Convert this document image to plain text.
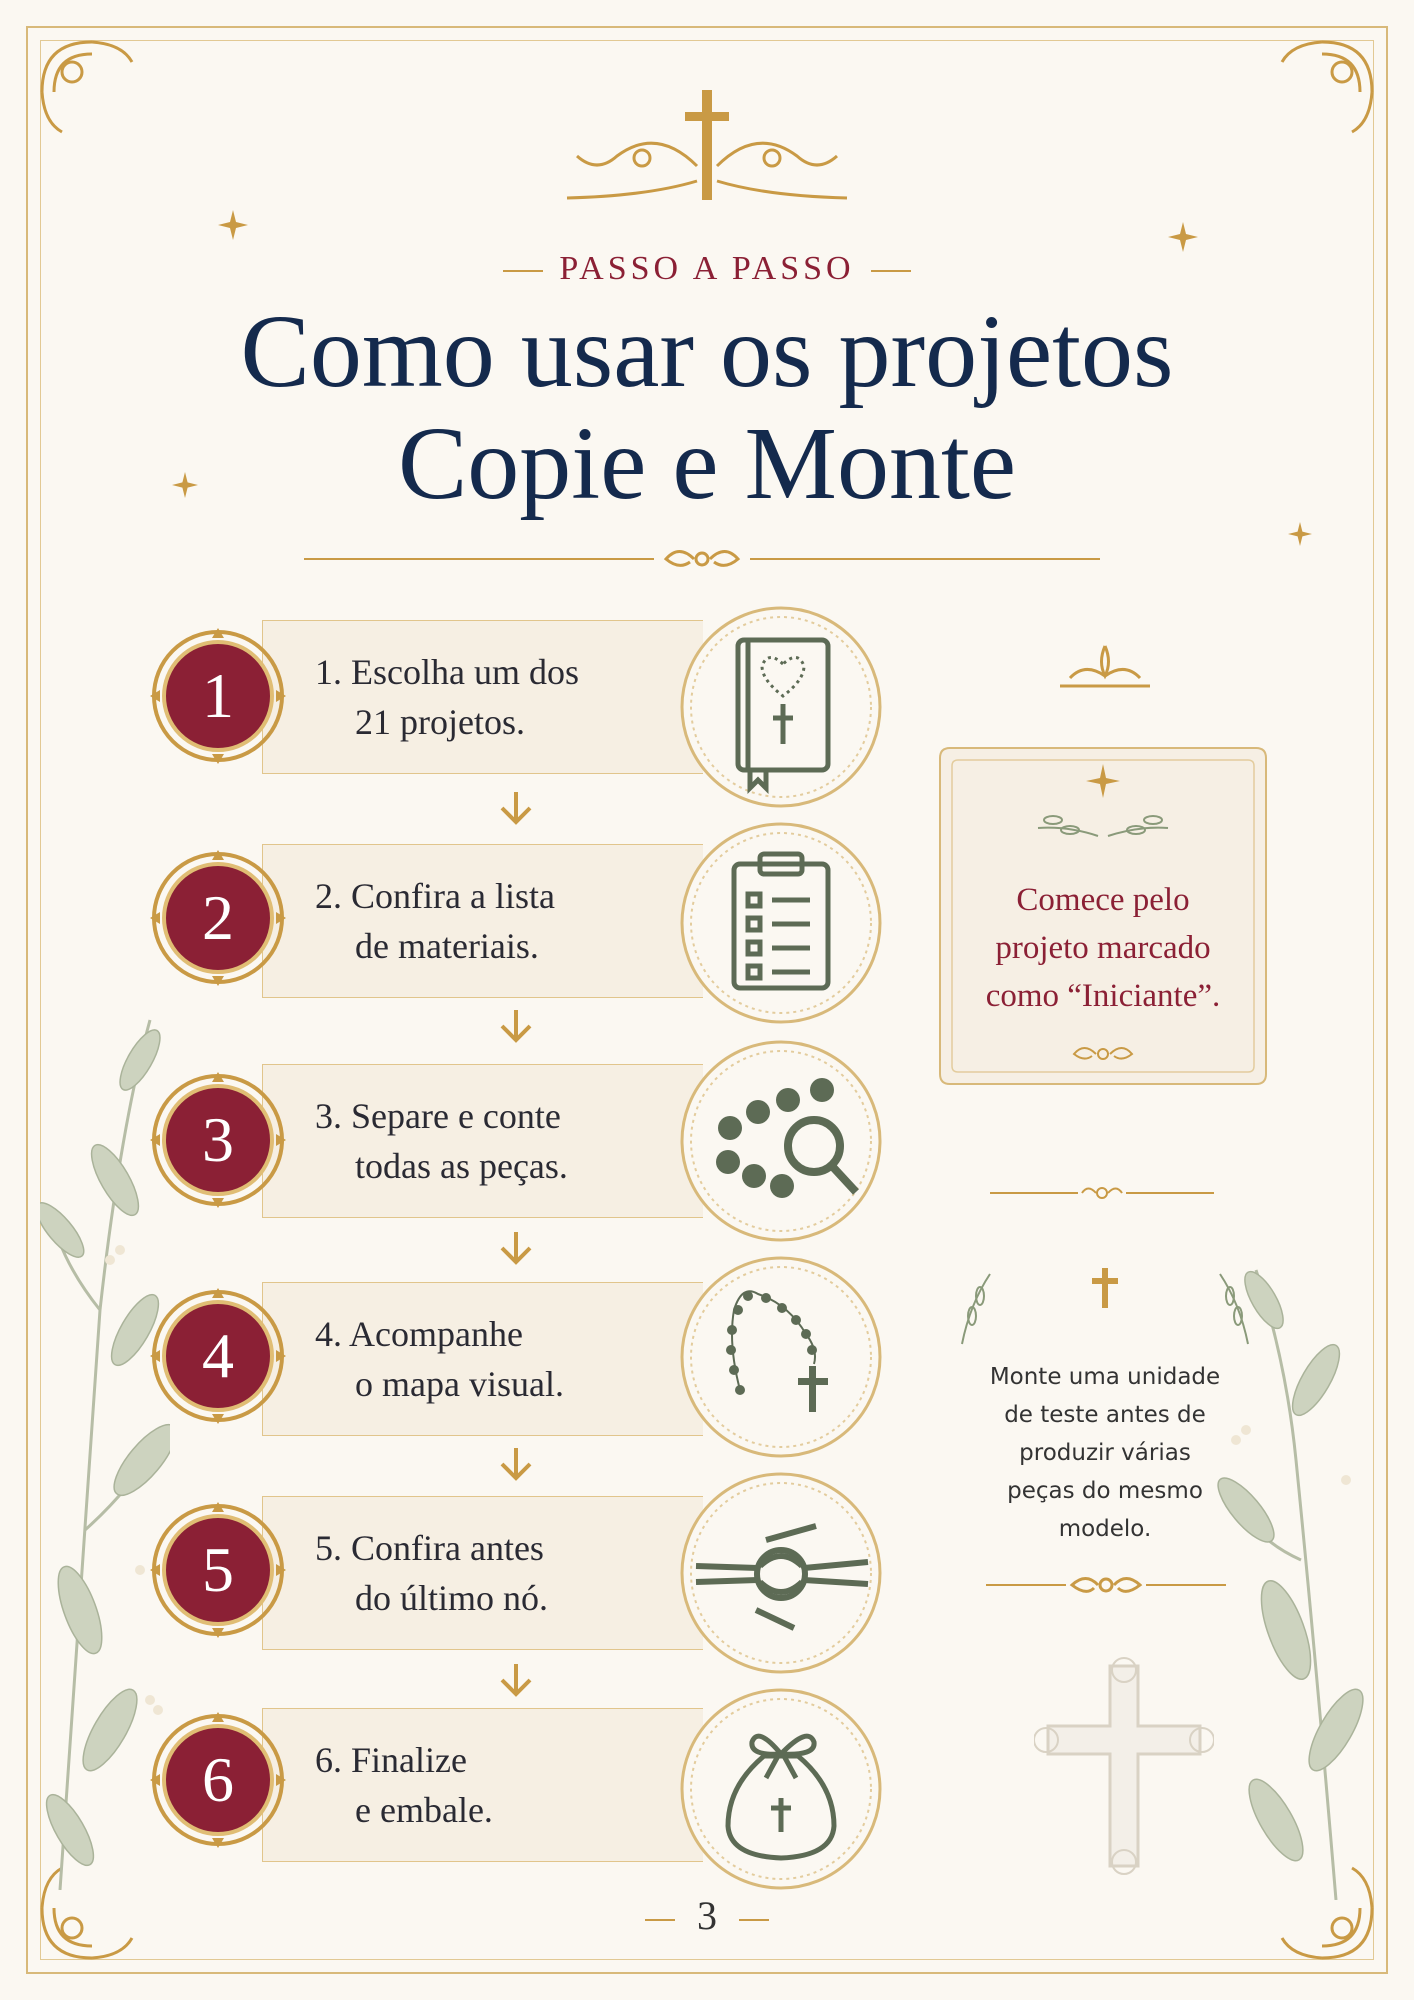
PASSO A PASSO
Como usar os projetos
Copie e Monte
1. Escolha um dos
21 projetos.
1
2. Confira a lista
de materiais.
2
3. Separe e conte
todas as peças.
3
4. Acompanhe
o mapa visual.
4
5. Confira antes
do último nó.
5
6. Finalize
e embale.
6
Comece pelo
projeto marcado
como “Iniciante”.
Monte uma unidade
de teste antes de
produzir várias
peças do mesmo
modelo.
3
